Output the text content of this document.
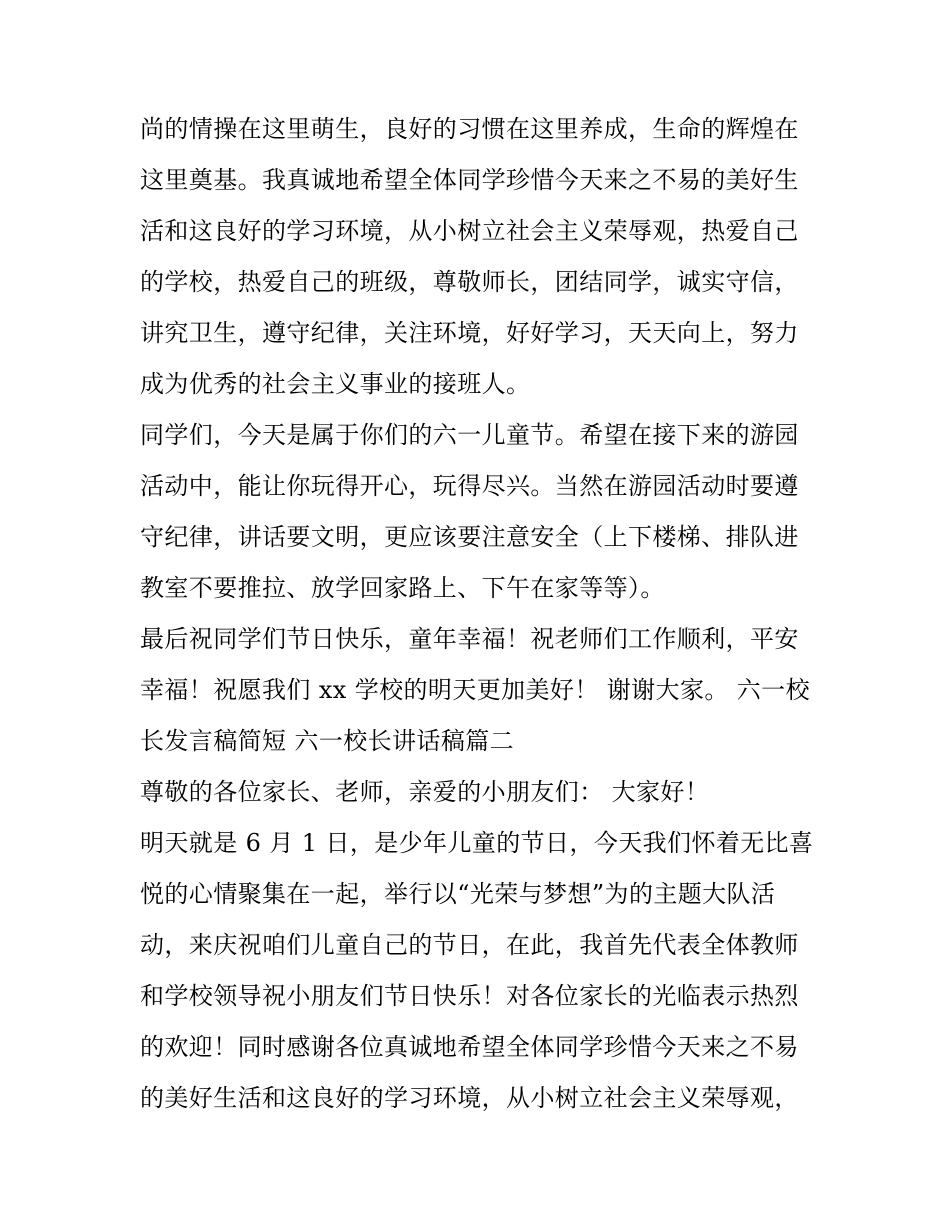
尚的情操在这里萌生，良好的习惯在这里养成，生命的辉煌在
这里奠基。我真诚地希望全体同学珍惜今天来之不易的美好生
活和这良好的学习环境，从小树立社会主义荣辱观，热爱自己
的学校，热爱自己的班级，尊敬师长，团结同学，诚实守信，
讲究卫生，遵守纪律，关注环境，好好学习，天天向上，努力
成为优秀的社会主义事业的接班人。
同学们，今天是属于你们的六一儿童节。希望在接下来的游园
活动中，能让你玩得开心，玩得尽兴。当然在游园活动时要遵
守纪律，讲话要文明，更应该要注意安全（上下楼梯、排队进
教室不要推拉、放学回家路上、下午在家等等）。
最后祝同学们节日快乐，童年幸福！祝老师们工作顺利，平安
幸福！祝愿我们 xx 学校的明天更加美好！ 谢谢大家。 六一校
长发言稿简短 六一校长讲话稿篇二
尊敬的各位家长、老师，亲爱的小朋友们： 大家好！
明天就是 6 月 1 日，是少年儿童的节日，今天我们怀着无比喜
悦的心情聚集在一起，举行以“光荣与梦想”为的主题大队活
动，来庆祝咱们儿童自己的节日，在此，我首先代表全体教师
和学校领导祝小朋友们节日快乐！对各位家长的光临表示热烈
的欢迎！同时感谢各位真诚地希望全体同学珍惜今天来之不易
的美好生活和这良好的学习环境，从小树立社会主义荣辱观，
